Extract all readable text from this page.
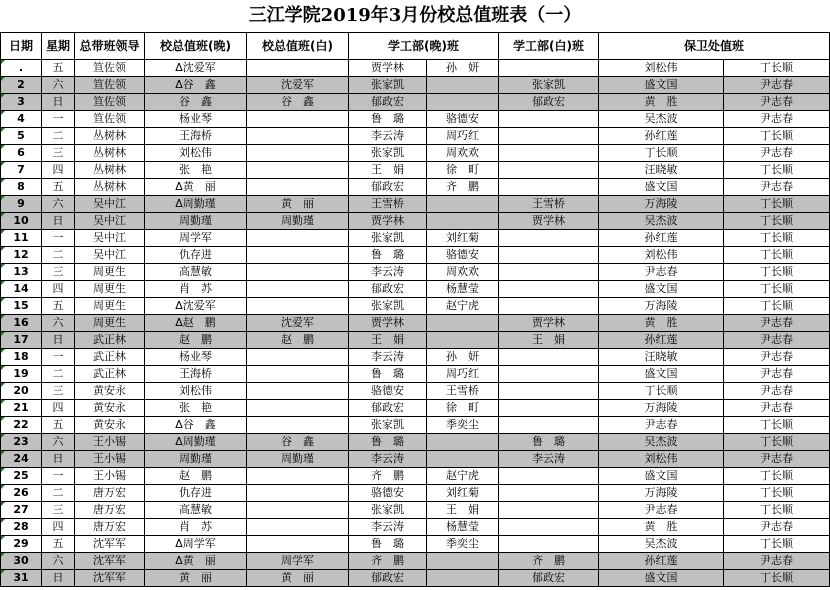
三江学院2019年3月份校总值班表（一）
日期	星期	总带班领导	校总值班(晚)	校总值班(白)	学工部(晚)班		学工部(白)班	保卫处值班	
.	五	笪佐领	Δ沈爱军		贾学林	孙　妍		刘松伟	丁长顺
2	六	笪佐领	Δ谷　鑫	沈爱军	张家凯		张家凯	盛文国	尹志春
3	日	笪佐领	谷　鑫	谷　鑫	郁政宏		郁政宏	黄　胜	尹志春
4	一	笪佐领	杨业琴		鲁　璐	骆德安		吴杰波	尹志春
5	二	丛树林	王海桥		李云涛	周巧红		孙红莲	丁长顺
6	三	丛树林	刘松伟		张家凯	周欢欢		丁长顺	尹志春
7	四	丛树林	张　艳		王　娟	徐　町		汪晓敏	丁长顺
8	五	丛树林	Δ黄　丽		郁政宏	齐　鹏		盛文国	尹志春
9	六	吴中江	Δ周勤瑾	黄　丽	王雪桥		王雪桥	万海陵	丁长顺
10	日	吴中江	周勤瑾	周勤瑾	贾学林		贾学林	吴杰波	丁长顺
11	一	吴中江	周学军		张家凯	刘红菊		孙红莲	丁长顺
12	二	吴中江	仇存进		鲁　璐	骆德安		刘松伟	丁长顺
13	三	周更生	高慧敏		李云涛	周欢欢		尹志春	丁长顺
14	四	周更生	肖　苏		郁政宏	杨慧莹		盛文国	丁长顺
15	五	周更生	Δ沈爱军		张家凯	赵宁虎		万海陵	丁长顺
16	六	周更生	Δ赵　鹏	沈爱军	贾学林		贾学林	黄　胜	尹志春
17	日	武正林	赵　鹏	赵　鹏	王　娟		王　娟	孙红莲	尹志春
18	一	武正林	杨业琴		李云涛	孙　妍		汪晓敏	尹志春
19	二	武正林	王海桥		鲁　璐	周巧红		盛文国	尹志春
20	三	黄安永	刘松伟		骆德安	王雪桥		丁长顺	尹志春
21	四	黄安永	张　艳		郁政宏	徐　町		万海陵	尹志春
22	五	黄安永	Δ谷　鑫		张家凯	季奕尘		尹志春	丁长顺
23	六	王小锡	Δ周勤瑾	谷　鑫	鲁　璐		鲁　璐	吴杰波	丁长顺
24	日	王小锡	周勤瑾	周勤瑾	李云涛		李云涛	刘松伟	尹志春
25	一	王小锡	赵　鹏		齐　鹏	赵宁虎		盛文国	丁长顺
26	二	唐万宏	仇存进		骆德安	刘红菊		万海陵	丁长顺
27	三	唐万宏	高慧敏		张家凯	王　娟		尹志春	丁长顺
28	四	唐万宏	肖　苏		李云涛	杨慧莹		黄　胜	尹志春
29	五	沈军军	Δ周学军		鲁　璐	季奕尘		吴杰波	丁长顺
30	六	沈军军	Δ黄　丽	周学军	齐　鹏		齐　鹏	孙红莲	尹志春
31	日	沈军军	黄　丽	黄　丽	郁政宏		郁政宏	盛文国	丁长顺
